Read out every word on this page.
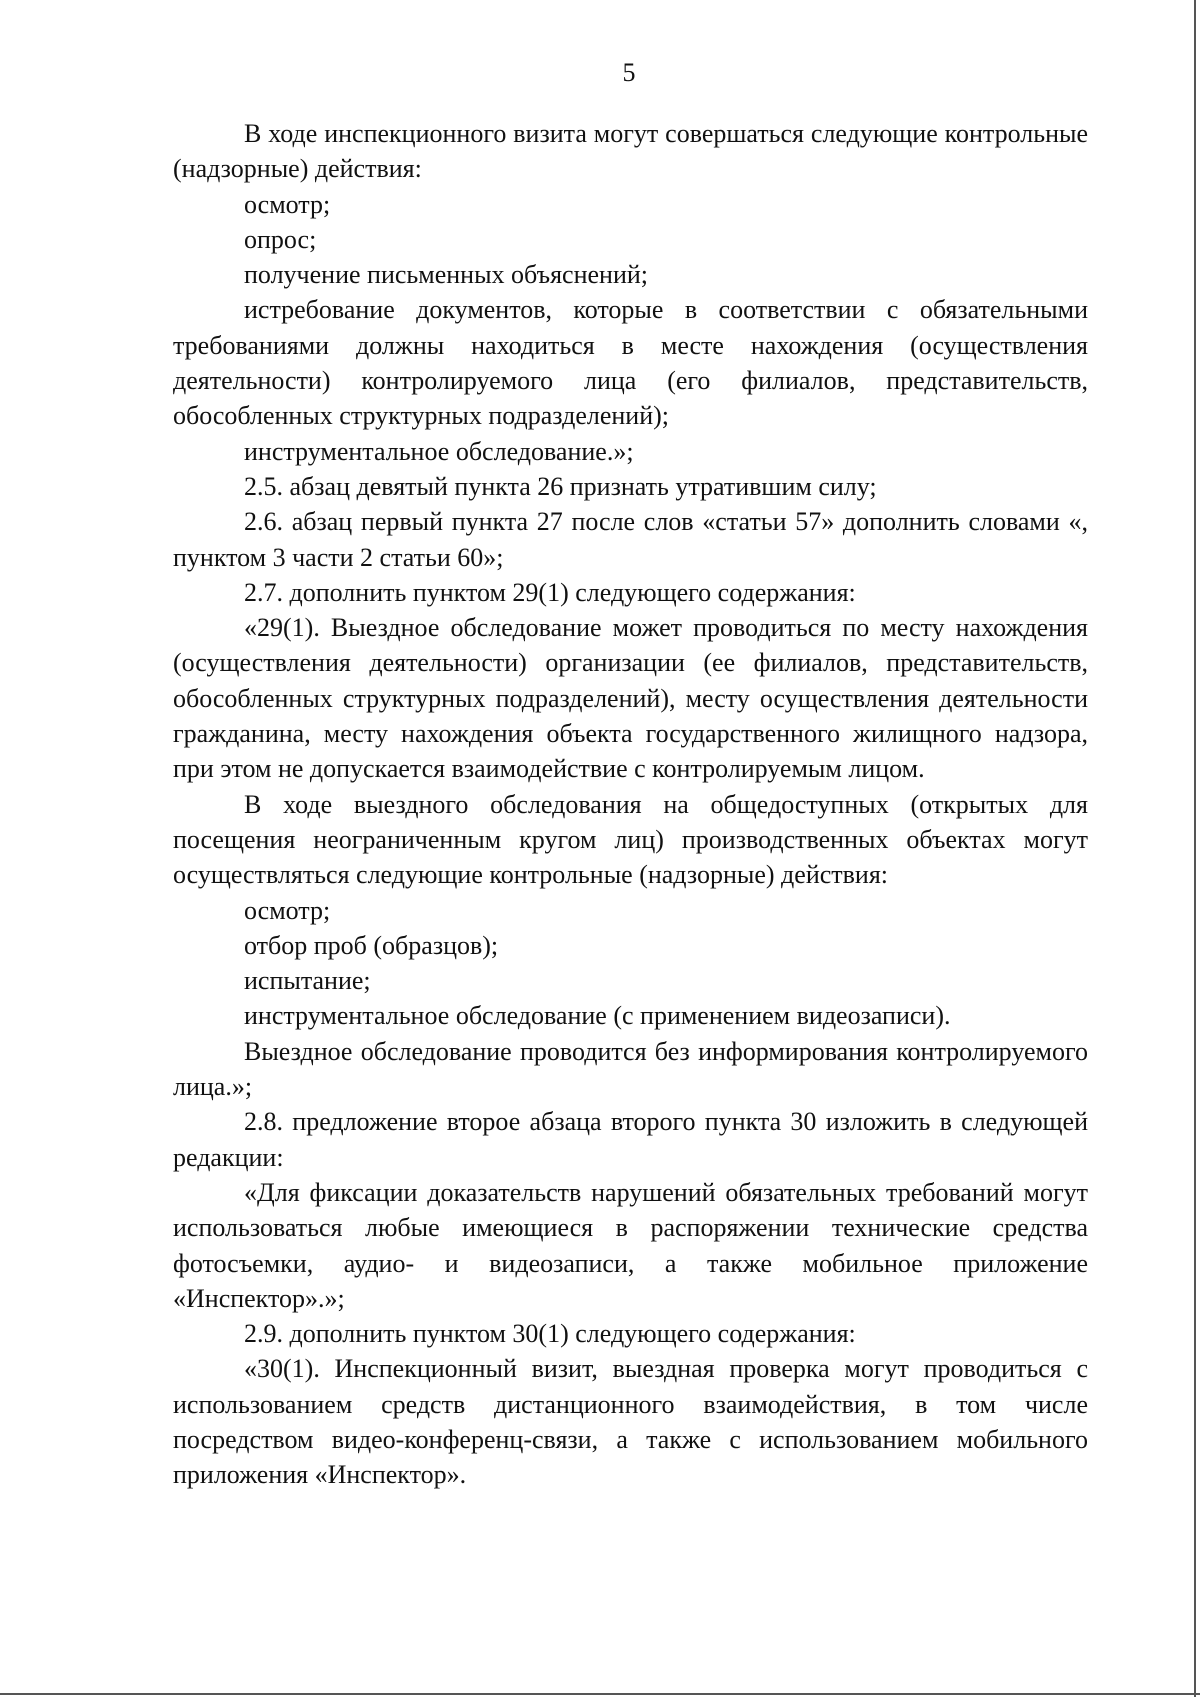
5

В ходе инспекционного визита могут совершаться следующие контрольные (надзорные) действия:

осмотр;

опрос;

получение письменных объяснений;

истребование документов, которые в соответствии с обязательными требованиями должны находиться в месте нахождения (осуществления деятельности) контролируемого лица (его филиалов, представительств, обособленных структурных подразделений);

инструментальное обследование.»;

2.5. абзац девятый пункта 26 признать утратившим силу;

2.6. абзац первый пункта 27 после слов «статьи 57» дополнить словами «, пунктом 3 части 2 статьи 60»;

2.7. дополнить пунктом 29(1) следующего содержания:

«29(1). Выездное обследование может проводиться по месту нахождения (осуществления деятельности) организации (ее филиалов, представительств, обособленных структурных подразделений), месту осуществления деятельности гражданина, месту нахождения объекта государственного жилищного надзора, при этом не допускается взаимодействие с контролируемым лицом.

В ходе выездного обследования на общедоступных (открытых для посещения неограниченным кругом лиц) производственных объектах могут осуществляться следующие контрольные (надзорные) действия:

осмотр;

отбор проб (образцов);

испытание;

инструментальное обследование (с применением видеозаписи).

Выездное обследование проводится без информирования контролируемого лица.»;

2.8. предложение второе абзаца второго пункта 30 изложить в следующей редакции:

«Для фиксации доказательств нарушений обязательных требований могут использоваться любые имеющиеся в распоряжении технические средства фотосъемки, аудио- и видеозаписи, а также мобильное приложение «Инспектор».»;

2.9. дополнить пунктом 30(1) следующего содержания:

«30(1). Инспекционный визит, выездная проверка могут проводиться с использованием средств дистанционного взаимодействия, в том числе посредством видео-конференц-связи, а также с использованием мобильного приложения «Инспектор».
